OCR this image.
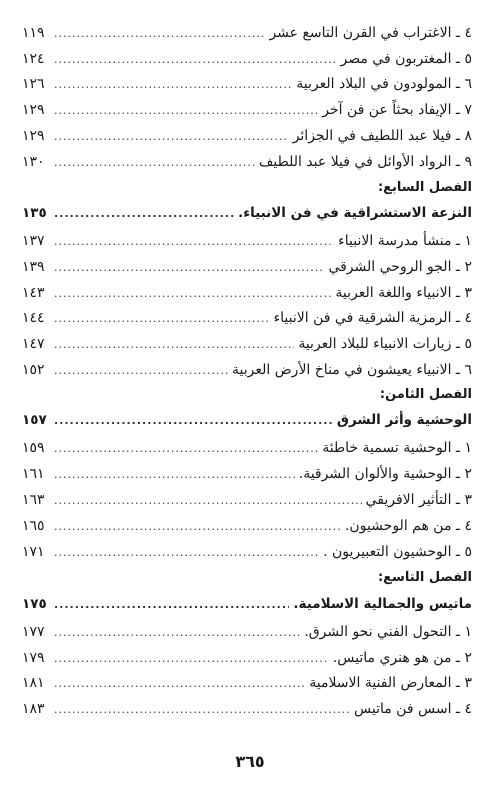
٤ ـ الاغتراب في القرن التاسع عشر
.....
١١٩
٥ ـ المغتربون في مصر
.....
١٢٤
٦ ـ المولودون في البلاد العربية
.....
١٢٦
٧ ـ الإيفاد بحثاً عن فن آخر
.....
١٢٩
٨ ـ فيلا عبد اللطيف في الجزائر
.....
١٢٩
٩ ـ الرواد الأوائل في فيلا عبد اللطيف
.....
١٣٠
الفصل السابع:
النزعة الاستشراقية في فن الانبياء.
.....
١٣٥
١ ـ منشأ مدرسة الانبياء
.....
١٣٧
٢ ـ الجو الروحي الشرقي
.....
١٣٩
٣ ـ الانبياء واللغة العربية
.....
١٤٣
٤ ـ الرمزية الشرقية في فن الانبياء
.....
١٤٤
٥ ـ زيارات الانبياء للبلاد العربية
.....
١٤٧
٦ ـ الانبياء يعيشون في مناخ الأرض العربية
.....
١٥٢
الفصل الثامن:
الوحشية وأثر الشرق
.....
١٥٧
١ ـ الوحشية تسمية خاطئة
.....
١٥٩
٢ ـ الوحشية والألوان الشرقية.
.....
١٦١
٣ ـ التأثير الافريقي
.....
١٦٣
٤ ـ من هم الوحشيون.
.....
١٦٥
٥ ـ الوحشيون التعبيريون .
.....
١٧١
الفصل التاسع:
ماتيس والجمالية الاسلامية.
.....
١٧٥
١ ـ التحول الفني نحو الشرق.
.....
١٧٧
٢ ـ من هو هنري ماتيس.
.....
١٧٩
٣ ـ المعارض الفنية الاسلامية
.....
١٨١
٤ ـ اسس فن ماتيس
.....
١٨٣
٣٦٥
